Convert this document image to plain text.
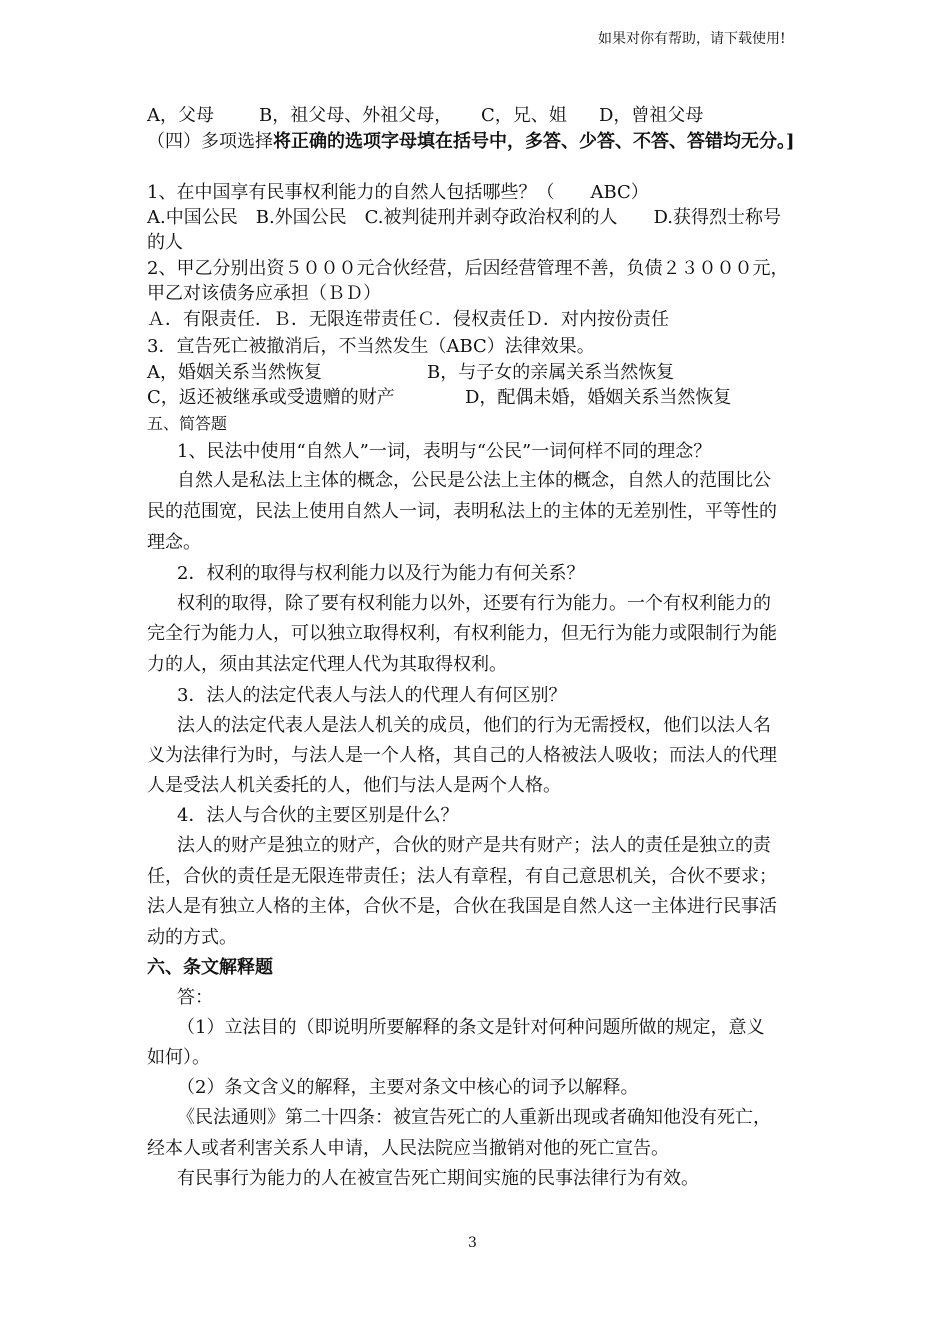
如果对你有帮助，请下载使用!
A，父母	B，祖父母、外祖父母， C，兄、姐 D，曾祖父母
（四）多项选择将正确的选项字母填在括号中，多答、少答、不答、答错均无分。]
1、在中国享有民事权利能力的自然人包括哪些？（　　ABC）
A.中国公民　B.外国公民　C.被判徒刑并剥夺政治权利的人　　D.获得烈士称号
的人
2、甲乙分别出资５０００元合伙经营，后因经营管理不善，负债２３０００元，
甲乙对该债务应承担（ＢＤ）
Ａ．有限责任．Ｂ．无限连带责任Ｃ．侵权责任Ｄ．对内按份责任
3．宣告死亡被撤消后，不当然发生（ABC）法律效果。
A，婚姻关系当然恢复	B，与子女的亲属关系当然恢复
C，返还被继承或受遗赠的财产	D，配偶未婚，婚姻关系当然恢复
五、简答题
1、民法中使用“自然人”一词，表明与“公民”一词何样不同的理念？
自然人是私法上主体的概念，公民是公法上主体的概念，自然人的范围比公
民的范围宽，民法上使用自然人一词，表明私法上的主体的无差别性，平等性的
理念。
2．权利的取得与权利能力以及行为能力有何关系？
权利的取得，除了要有权利能力以外，还要有行为能力。一个有权利能力的
完全行为能力人，可以独立取得权利，有权利能力，但无行为能力或限制行为能
力的人，须由其法定代理人代为其取得权利。
3．法人的法定代表人与法人的代理人有何区别？
法人的法定代表人是法人机关的成员，他们的行为无需授权，他们以法人名
义为法律行为时，与法人是一个人格，其自己的人格被法人吸收；而法人的代理
人是受法人机关委托的人，他们与法人是两个人格。
4．法人与合伙的主要区别是什么？
法人的财产是独立的财产，合伙的财产是共有财产；法人的责任是独立的责
任，合伙的责任是无限连带责任；法人有章程，有自己意思机关，合伙不要求；
法人是有独立人格的主体，合伙不是，合伙在我国是自然人这一主体进行民事活
动的方式。
六、条文解释题
答：
（1）立法目的（即说明所要解释的条文是针对何种问题所做的规定，意义
如何）。
（2）条文含义的解释，主要对条文中核心的词予以解释。
《民法通则》第二十四条：被宣告死亡的人重新出现或者确知他没有死亡，
经本人或者利害关系人申请，人民法院应当撤销对他的死亡宣告。
有民事行为能力的人在被宣告死亡期间实施的民事法律行为有效。
3
